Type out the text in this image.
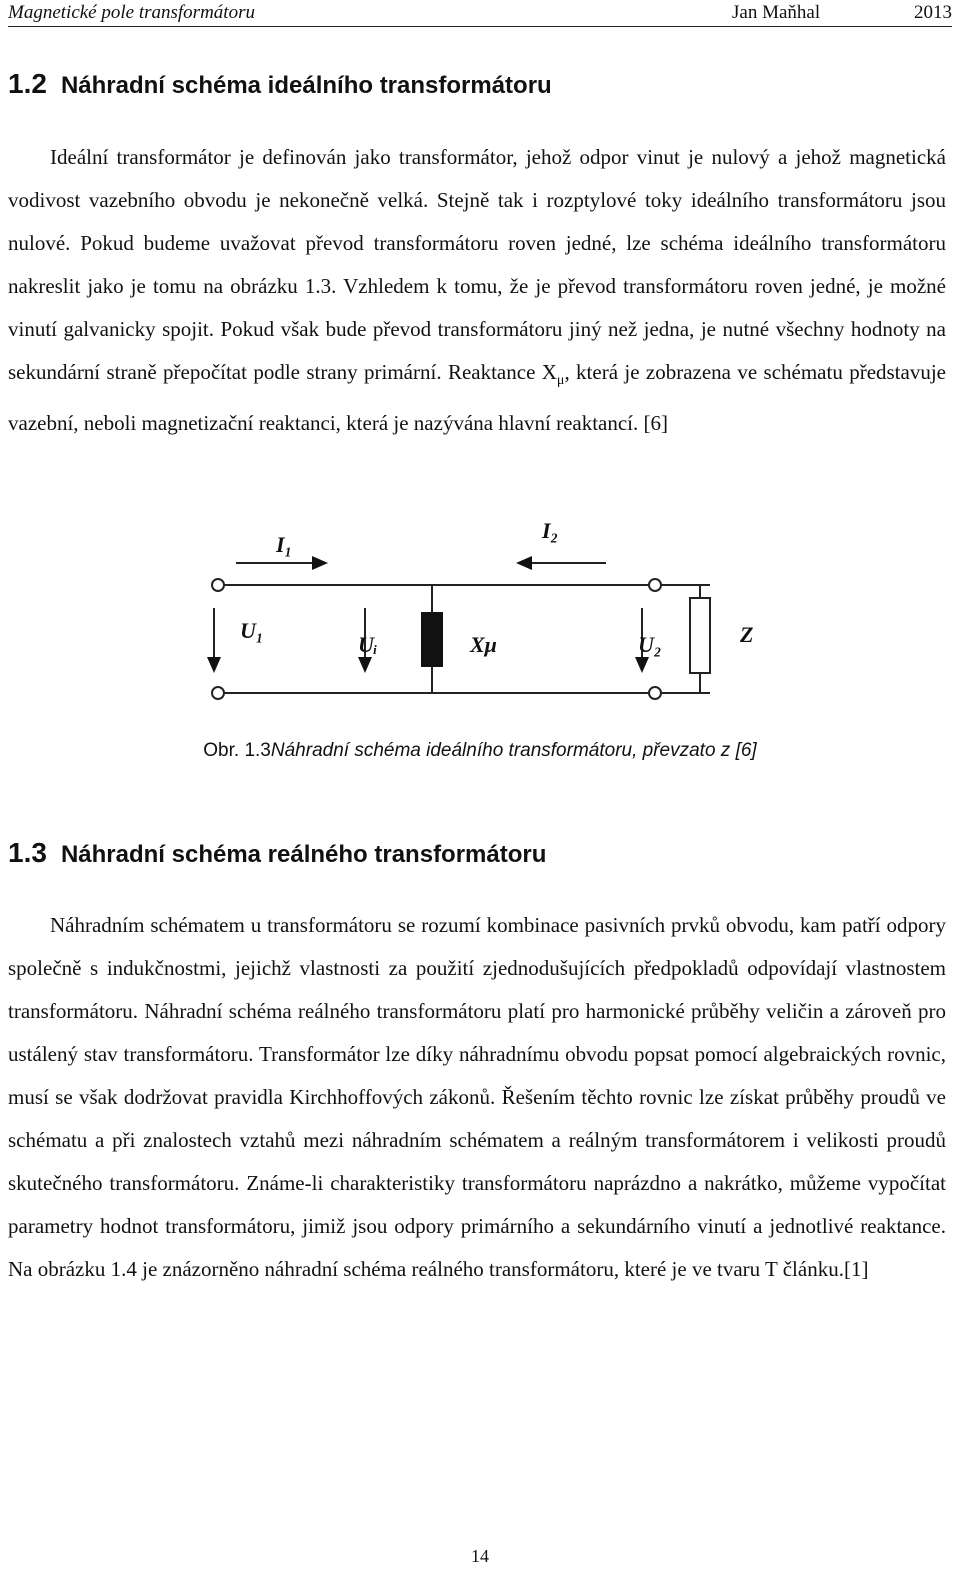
Magnetické pole transformátoru	Jan Maňhal	2013
1.2 Náhradní schéma ideálního transformátoru

Ideální transformátor je definován jako transformátor, jehož odpor vinut je nulový a jehož magnetická vodivost vazebního obvodu je nekonečně velká. Stejně tak i rozptylové toky ideálního transformátoru jsou nulové. Pokud budeme uvažovat převod transformátoru roven jedné, lze schéma ideálního transformátoru nakreslit jako je tomu na obrázku 1.3. Vzhledem k tomu, že je převod transformátoru roven jedné, je možné vinutí galvanicky spojit. Pokud však bude převod transformátoru jiný než jedna, je nutné všechny hodnoty na sekundární straně přepočítat podle strany primární. Reaktance $X_\mu$, která je zobrazena ve schématu představuje vazební, neboli magnetizační reaktanci, která je nazývána hlavní reaktancí. [6]

I₁
I₂
U₁
Uᵢ	Xμ	U₂	Z
Obr. 1.3Náhradní schéma ideálního transformátoru, převzato z [6]
1.3 Náhradní schéma reálného transformátoru

Náhradním schématem u transformátoru se rozumí kombinace pasivních prvků obvodu, kam patří odpory společně s indukčnostmi, jejichž vlastnosti za použití zjednodušujících předpokladů odpovídají vlastnostem transformátoru. Náhradní schéma reálného transformátoru platí pro harmonické průběhy veličin a zároveň pro ustálený stav transformátoru. Transformátor lze díky náhradnímu obvodu popsat pomocí algebraických rovnic, musí se však dodržovat pravidla Kirchhoffových zákonů. Řešením těchto rovnic lze získat průběhy proudů ve schématu a při znalostech vztahů mezi náhradním schématem a reálným transformátorem i velikosti proudů skutečného transformátoru. Známe-li charakteristiky transformátoru naprázdno a nakrátko, můžeme vypočítat parametry hodnot transformátoru, jimiž jsou odpory primárního a sekundárního vinutí a jednotlivé reaktance. Na obrázku 1.4 je znázorněno náhradní schéma reálného transformátoru, které je ve tvaru T článku.[1]

14
